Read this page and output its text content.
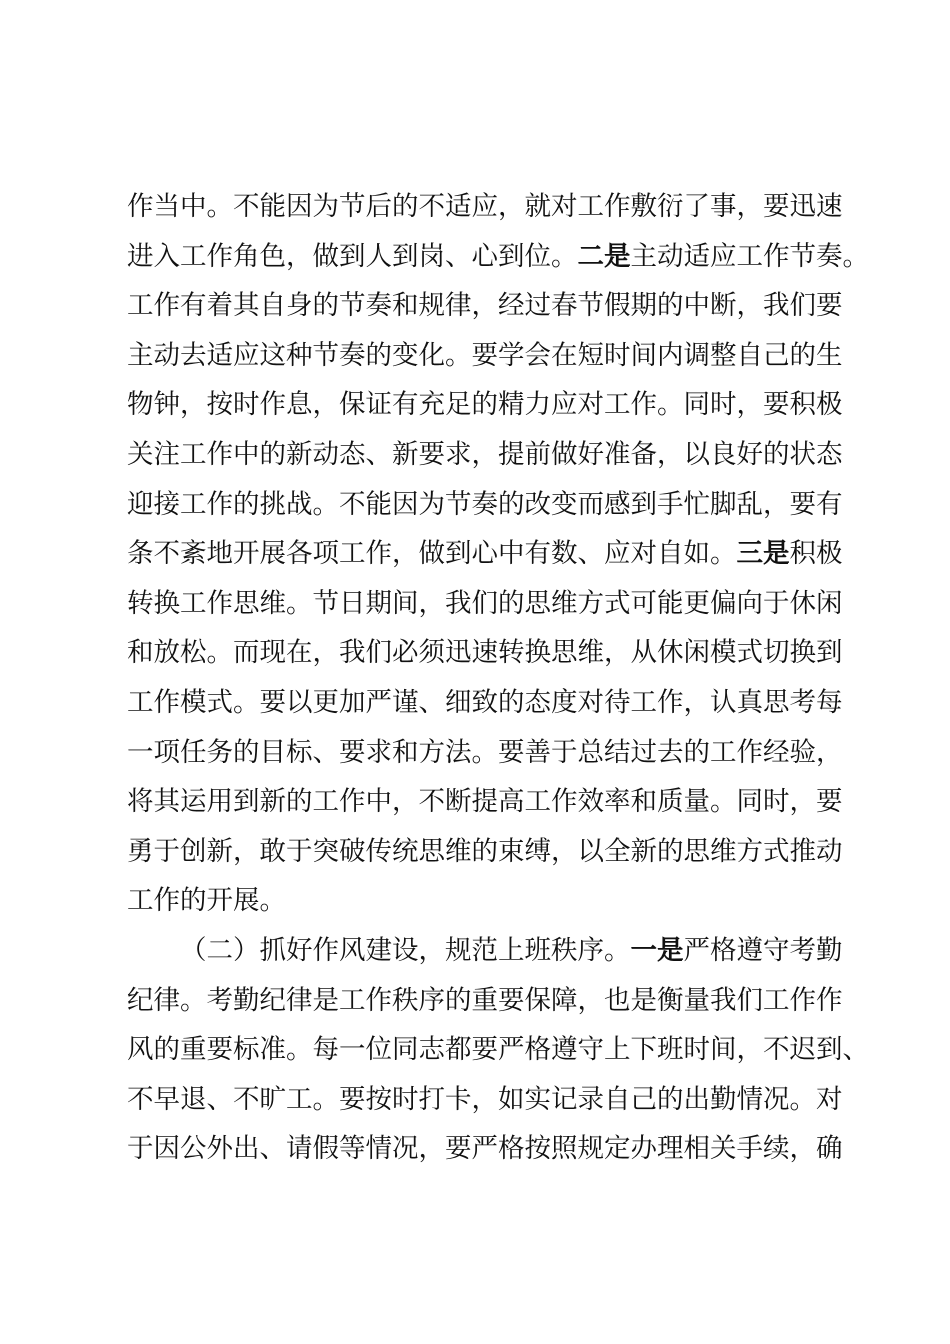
作当中。不能因为节后的不适应，就对工作敷衍了事，要迅速
进入工作角色，做到人到岗、心到位。二是主动适应工作节奏。
工作有着其自身的节奏和规律，经过春节假期的中断，我们要
主动去适应这种节奏的变化。要学会在短时间内调整自己的生
物钟，按时作息，保证有充足的精力应对工作。同时，要积极
关注工作中的新动态、新要求，提前做好准备，以良好的状态
迎接工作的挑战。不能因为节奏的改变而感到手忙脚乱，要有
条不紊地开展各项工作，做到心中有数、应对自如。三是积极
转换工作思维。节日期间，我们的思维方式可能更偏向于休闲
和放松。而现在，我们必须迅速转换思维，从休闲模式切换到
工作模式。要以更加严谨、细致的态度对待工作，认真思考每
一项任务的目标、要求和方法。要善于总结过去的工作经验，
将其运用到新的工作中，不断提高工作效率和质量。同时，要
勇于创新，敢于突破传统思维的束缚，以全新的思维方式推动
工作的开展。
（二）抓好作风建设，规范上班秩序。一是严格遵守考勤
纪律。考勤纪律是工作秩序的重要保障，也是衡量我们工作作
风的重要标准。每一位同志都要严格遵守上下班时间，不迟到、
不早退、不旷工。要按时打卡，如实记录自己的出勤情况。对
于因公外出、请假等情况，要严格按照规定办理相关手续，确
